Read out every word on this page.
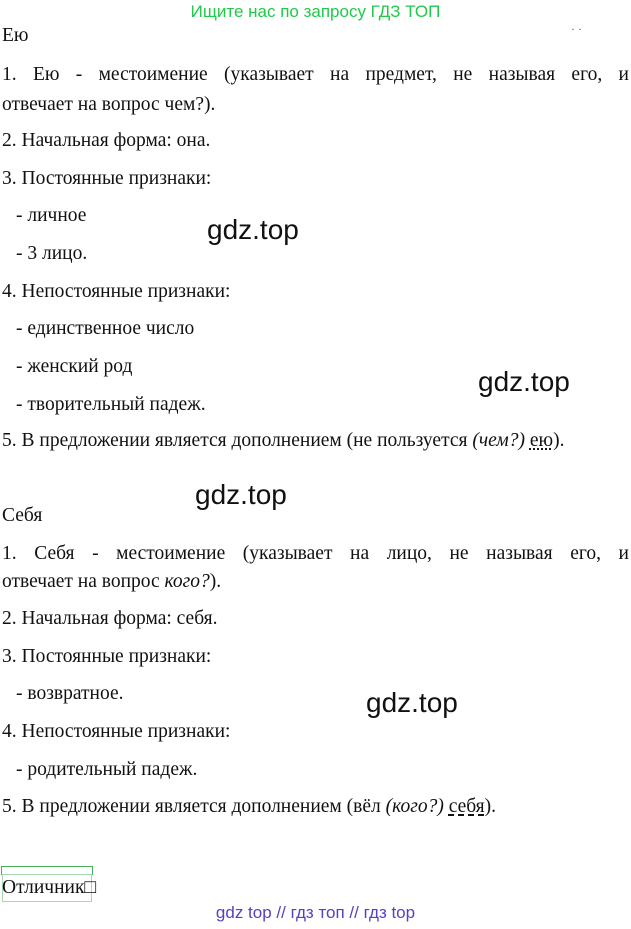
Ищите нас по запросу ГДЗ ТОП
· ·
Ею
1. Ею - местоимение (указывает на предмет, не называя его, и
отвечает на вопрос чем?).
2. Начальная форма: она.
3. Постоянные признаки:
- личное
- 3 лицо.
4. Непостоянные признаки:
- единственное число
- женский род
- творительный падеж.
5. В предложении является дополнением (не пользуется (чем?) ею).
Себя
1. Себя - местоимение (указывает на лицо, не называя его, и
отвечает на вопрос кого?).
2. Начальная форма: себя.
3. Постоянные признаки:
- возвратное.
4. Непостоянные признаки:
- родительный падеж.
5. В предложении является дополнением (вёл (кого?) себя).
gdz.top
gdz.top
gdz.top
gdz.top
Отличник□
gdz top // гдз топ // гдз top
